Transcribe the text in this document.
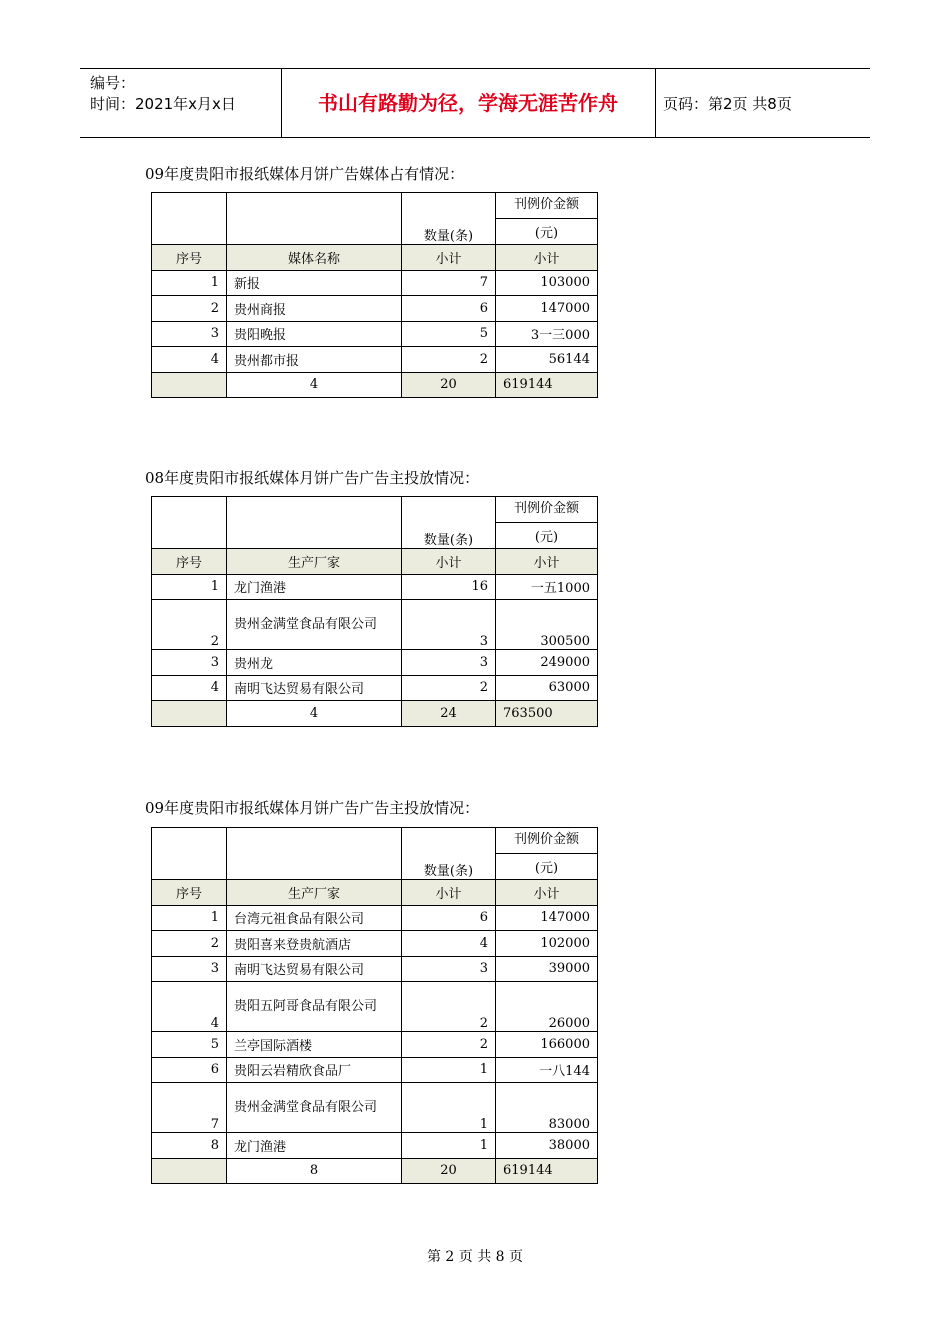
编号：
时间：2021年x月x日	书山有路勤为径，学海无涯苦作舟	页码：第2页 共8页
09年度贵阳市报纸媒体月饼广告媒体占有情况：
		数量(条)	刊例价金额
			(元)
序号	媒体名称	小计	小计
1	新报	7	103000
2	贵州商报	6	147000
3	贵阳晚报	5	3一三000
4	贵州都市报	2	56144
	4	20	619144
08年度贵阳市报纸媒体月饼广告广告主投放情况：
		数量(条)	刊例价金额
			(元)
序号	生产厂家	小计	小计
1	龙门渔港	16	一五1000
2	贵州金满堂食品有限公司	3	300500
3	贵州龙	3	249000
4	南明飞达贸易有限公司	2	63000
	4	24	763500
09年度贵阳市报纸媒体月饼广告广告主投放情况：
		数量(条)	刊例价金额
			(元)
序号	生产厂家	小计	小计
1	台湾元祖食品有限公司	6	147000
2	贵阳喜来登贵航酒店	4	102000
3	南明飞达贸易有限公司	3	39000
4	贵阳五阿哥食品有限公司	2	26000
5	兰亭国际酒楼	2	166000
6	贵阳云岩精欣食品厂	1	一八144
7	贵州金满堂食品有限公司	1	83000
8	龙门渔港	1	38000
	8	20	619144
第 2 页 共 8 页
